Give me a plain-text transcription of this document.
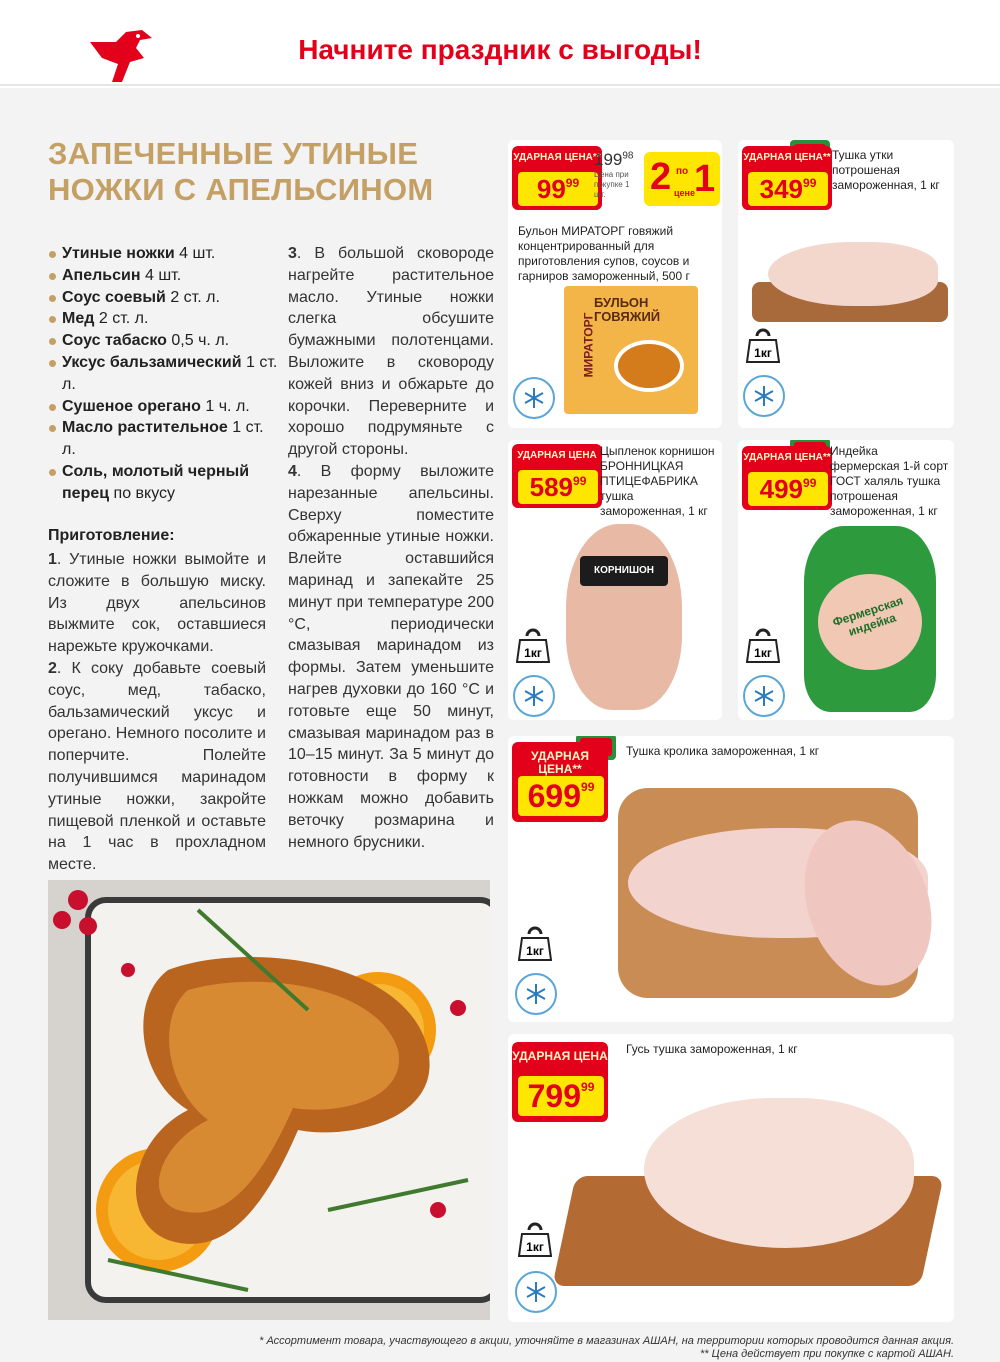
Начните праздник с выгоды!
ЗАПЕЧЕННЫЕ УТИНЫЕ
НОЖКИ С АПЕЛЬСИНОМ
Утиные ножки 4 шт.
Апельсин 4 шт.
Соус соевый 2 ст. л.
Мед 2 ст. л.
Соус табаско 0,5 ч. л.
Уксус бальзамический 1 ст. л.
Сушеное орегано 1 ч. л.
Масло растительное 1 ст. л.
Соль, молотый черный перец по вкусу
Приготовление:

1. Утиные ножки вымойте и сложите в большую миску. Из двух апельсинов выжмите сок, оставшиеся нарежьте кружочками.

2. К соку добавьте соевый соус, мед, табаско, бальзамический уксус и орегано. Немного посолите и поперчите. Полейте получившимся маринадом утиные ножки, закройте пищевой пленкой и оставьте на 1 час в прохладном месте.

3. В большой сковороде нагрейте растительное масло. Утиные ножки слегка обсушите бумажными полотенцами. Выложите в сковороду кожей вниз и обжарьте до корочки. Переверните и хорошо подрумяньте с другой стороны.

4. В форму выложите нарезанные апельсины. Сверху поместите обжаренные утиные ножки. Влейте оставшийся маринад и запекайте 25 минут при температуре 200 °С, периодически смазывая маринадом из формы. Затем уменьшите нагрев духовки до 160 °С и готовьте еще 50 минут, смазывая маринадом раз в 10–15 минут. За 5 минут до готовности в форму к ножкам можно добавить веточку розмарина и немного брусники.

УДАРНАЯ ЦЕНА**
$99^{99}$
$199^{98}$
Цена при покупке 1 шт.	2 по
цене 1
Бульон МИРАТОРГ говяжий концентрированный для приготовления супов, соусов и гарниров замороженный, 500 г
МИРАТОРГ
БУЛЬОН ГОВЯЖИЙ
УДАРНАЯ ЦЕНА**
$349^{99}$
Тушка утки потрошеная замороженная, 1 кг
1кг
УДАРНАЯ ЦЕНА
$589^{99}$
Цыпленок корнишон БРОННИЦКАЯ ПТИЦЕФАБРИКА тушка замороженная, 1 кг
КОРНИШОН
1кг
УДАРНАЯ ЦЕНА**
$499^{99}$
Индейка фермерская 1-й сорт ГОСТ халяль тушка потрошеная замороженная, 1 кг
Фермерская индейка
1кг
УДАРНАЯ ЦЕНА**
$699^{99}$
Тушка кролика замороженная, 1 кг
1кг
УДАРНАЯ ЦЕНА
$799^{99}$
Гусь тушка замороженная, 1 кг
1кг
* Ассортимент товара, участвующего в акции, уточняйте в магазинах АШАН, на территории которых проводится данная акция.
** Цена действует при покупке с картой АШАН.
